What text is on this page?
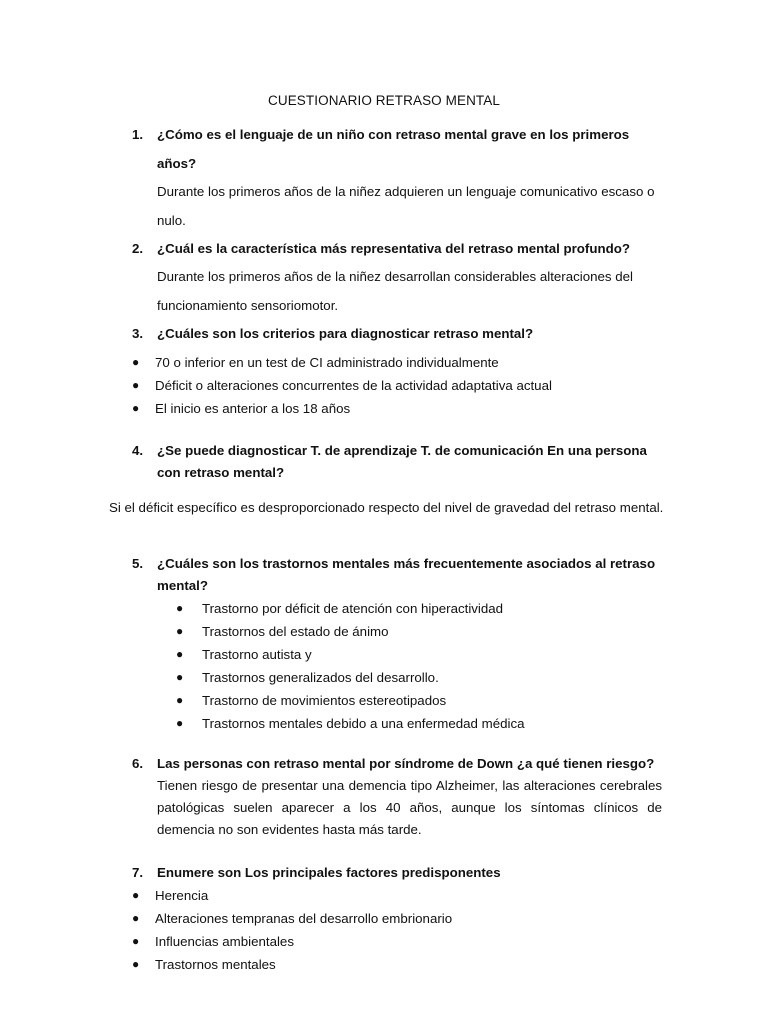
CUESTIONARIO RETRASO MENTAL
1.	¿Cómo es el lenguaje de un niño con retraso mental grave en los primeros años?
Durante los primeros años de la niñez adquieren un lenguaje comunicativo escaso o nulo.
2.	¿Cuál es la característica más representativa del retraso mental profundo?
Durante los primeros años de la niñez desarrollan considerables alteraciones del funcionamiento sensoriomotor.
3.	¿Cuáles son los criterios para diagnosticar retraso mental?
●	70 o inferior en un test de CI administrado individualmente
●	Déficit o alteraciones concurrentes de la actividad adaptativa actual
●	El inicio es anterior a los 18 años
4.	¿Se puede diagnosticar T. de aprendizaje T. de comunicación En una persona con retraso mental?
Si el déficit específico es desproporcionado respecto del nivel de gravedad del retraso mental.
5.	¿Cuáles son los trastornos mentales más frecuentemente asociados al retraso mental?
●	Trastorno por déficit de atención con hiperactividad
●	Trastornos del estado de ánimo
●	Trastorno autista y
●	Trastornos generalizados del desarrollo.
●	Trastorno de movimientos estereotipados
●	Trastornos mentales debido a una enfermedad médica
6.	Las personas con retraso mental por síndrome de Down ¿a qué tienen riesgo?
Tienen riesgo de presentar una demencia tipo Alzheimer, las alteraciones cerebrales patológicas suelen aparecer a los 40 años, aunque los síntomas clínicos de demencia no son evidentes hasta más tarde.
7.	Enumere son Los principales factores predisponentes
●	Herencia
●	Alteraciones tempranas del desarrollo embrionario
●	Influencias ambientales
●	Trastornos mentales
